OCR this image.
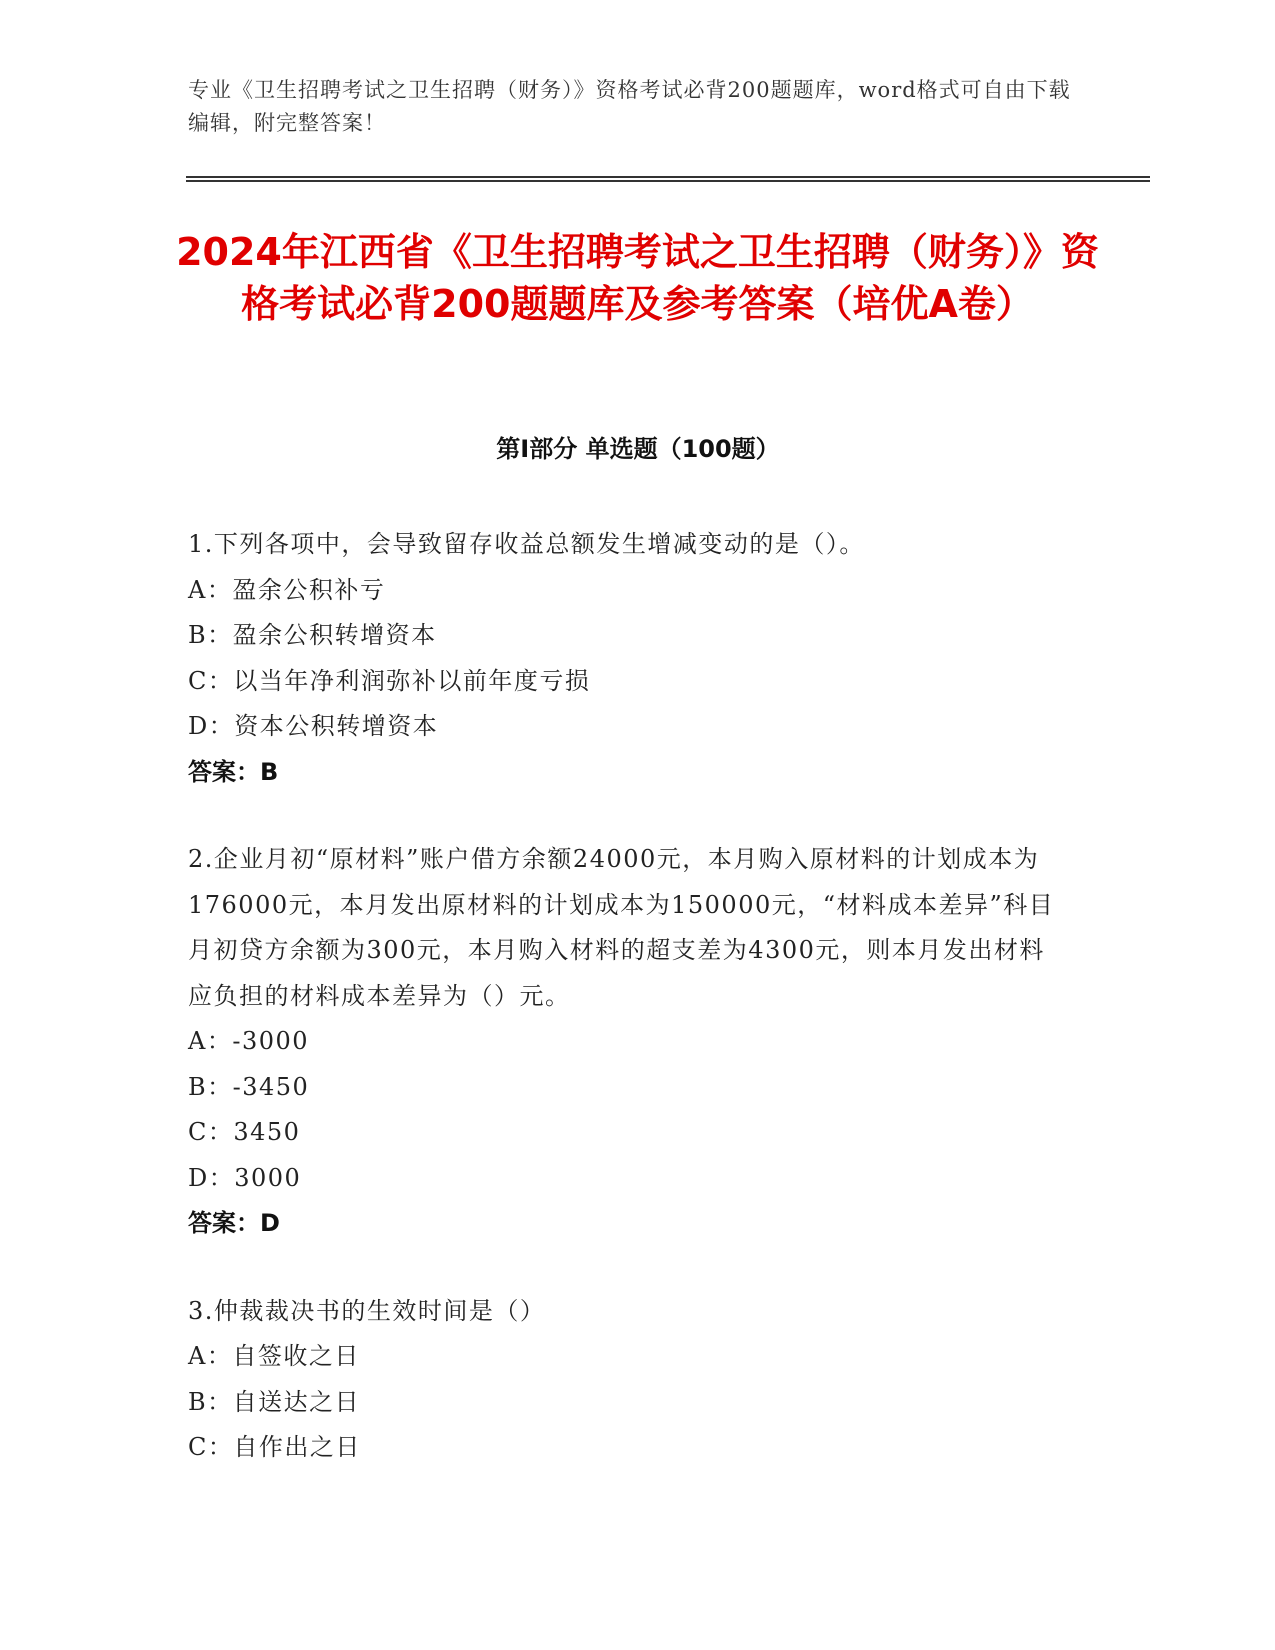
专业《卫生招聘考试之卫生招聘（财务）》资格考试必背200题题库，word格式可自由下载编辑，附完整答案！
2024年江西省《卫生招聘考试之卫生招聘（财务）》资格考试必背200题题库及参考答案（培优A卷）
第I部分 单选题（100题）

1.下列各项中，会导致留存收益总额发生增减变动的是（）。

A：盈余公积补亏

B：盈余公积转增资本

C：以当年净利润弥补以前年度亏损

D：资本公积转增资本

答案：B

2.企业月初“原材料”账户借方余额24000元，本月购入原材料的计划成本为176000元，本月发出原材料的计划成本为150000元，“材料成本差异”科目月初贷方余额为300元，本月购入材料的超支差为4300元，则本月发出材料应负担的材料成本差异为（）元。

A：-3000

B：-3450

C：3450

D：3000

答案：D

3.仲裁裁决书的生效时间是（）

A：自签收之日

B：自送达之日

C：自作出之日
